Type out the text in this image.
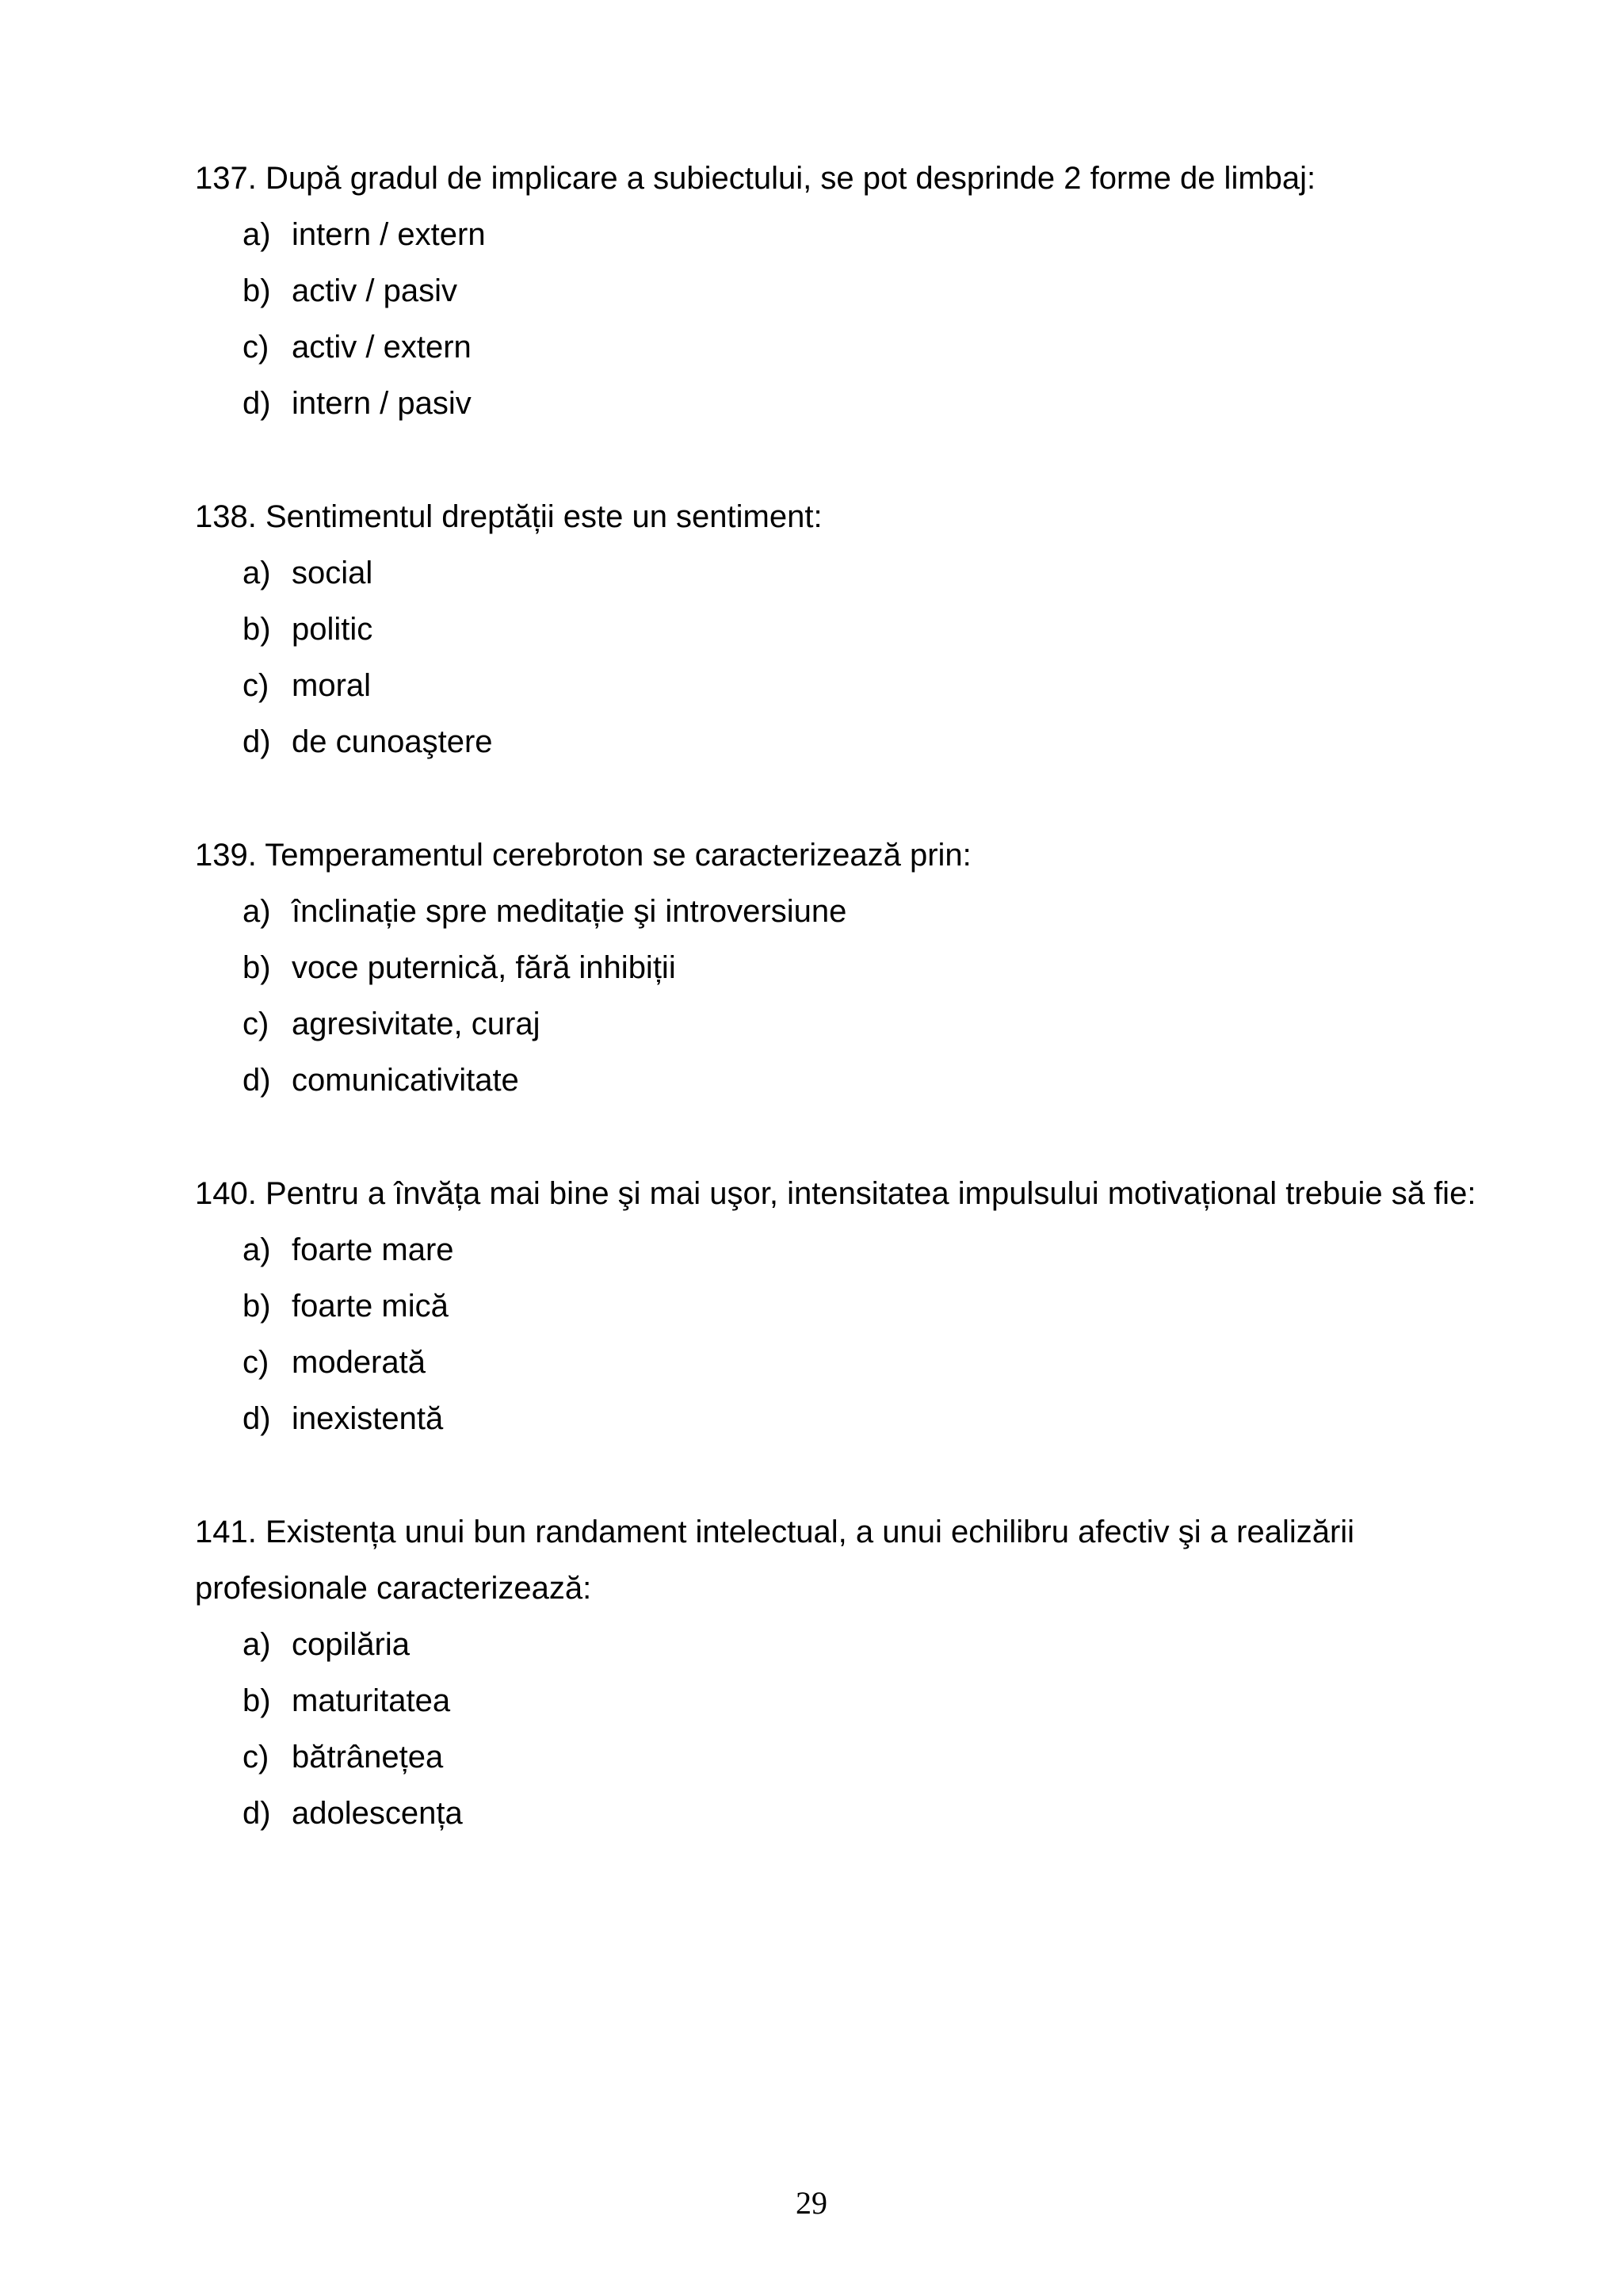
137. După gradul de implicare a subiectului, se pot desprinde 2 forme de limbaj:

a) intern / extern
b) activ / pasiv
c) activ / extern
d) intern / pasiv

138. Sentimentul dreptății este un sentiment:

a) social
b) politic
c) moral
d) de cunoaştere

139. Temperamentul cerebroton se caracterizează prin:

a) înclinație spre meditație şi introversiune
b) voce puternică, fără inhibiții
c) agresivitate, curaj
d) comunicativitate

140. Pentru a învăța mai bine şi mai uşor, intensitatea impulsului motivațional trebuie să fie:

a) foarte mare
b) foarte mică
c) moderată
d) inexistentă

141. Existența unui bun randament intelectual, a unui echilibru afectiv şi a realizării profesionale caracterizează:

a) copilăria
b) maturitatea
c) bătrânețea
d) adolescența
29
